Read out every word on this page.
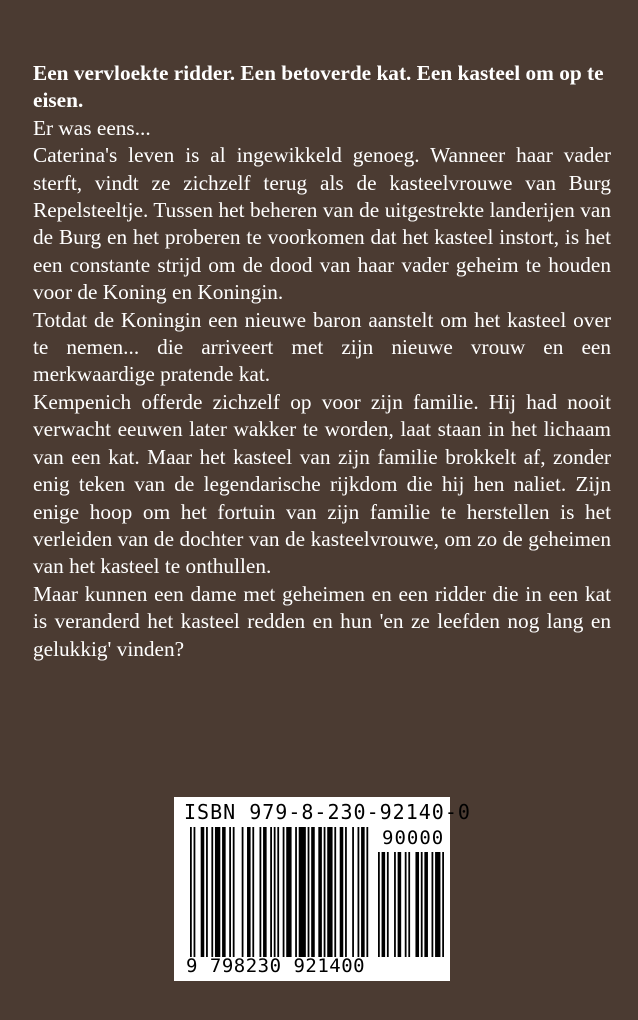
Een vervloekte ridder. Een betoverde kat. Een kasteel om op te eisen.

Er was eens...

Caterina's leven is al ingewikkeld genoeg. Wanneer haar vader sterft, vindt ze zichzelf terug als de kasteelvrouwe van Burg Repelsteeltje. Tussen het beheren van de uitgestrekte landerijen van de Burg en het proberen te voorkomen dat het kasteel instort, is het een constante strijd om de dood van haar vader geheim te houden voor de Koning en Koningin.

Totdat de Koningin een nieuwe baron aanstelt om het kasteel over te nemen... die arriveert met zijn nieuwe vrouw en een merkwaardige pratende kat.

Kempenich offerde zichzelf op voor zijn familie. Hij had nooit verwacht eeuwen later wakker te worden, laat staan in het lichaam van een kat. Maar het kasteel van zijn familie brokkelt af, zonder enig teken van de legendarische rijkdom die hij hen naliet. Zijn enige hoop om het fortuin van zijn familie te herstellen is het verleiden van de dochter van de kasteelvrouwe, om zo de geheimen van het kasteel te onthullen.

Maar kunnen een dame met geheimen en een ridder die in een kat is veranderd het kasteel redden en hun 'en ze leefden nog lang en gelukkig' vinden?

ISBN 979-8-230-92140-0
90000
9 798230 921400
